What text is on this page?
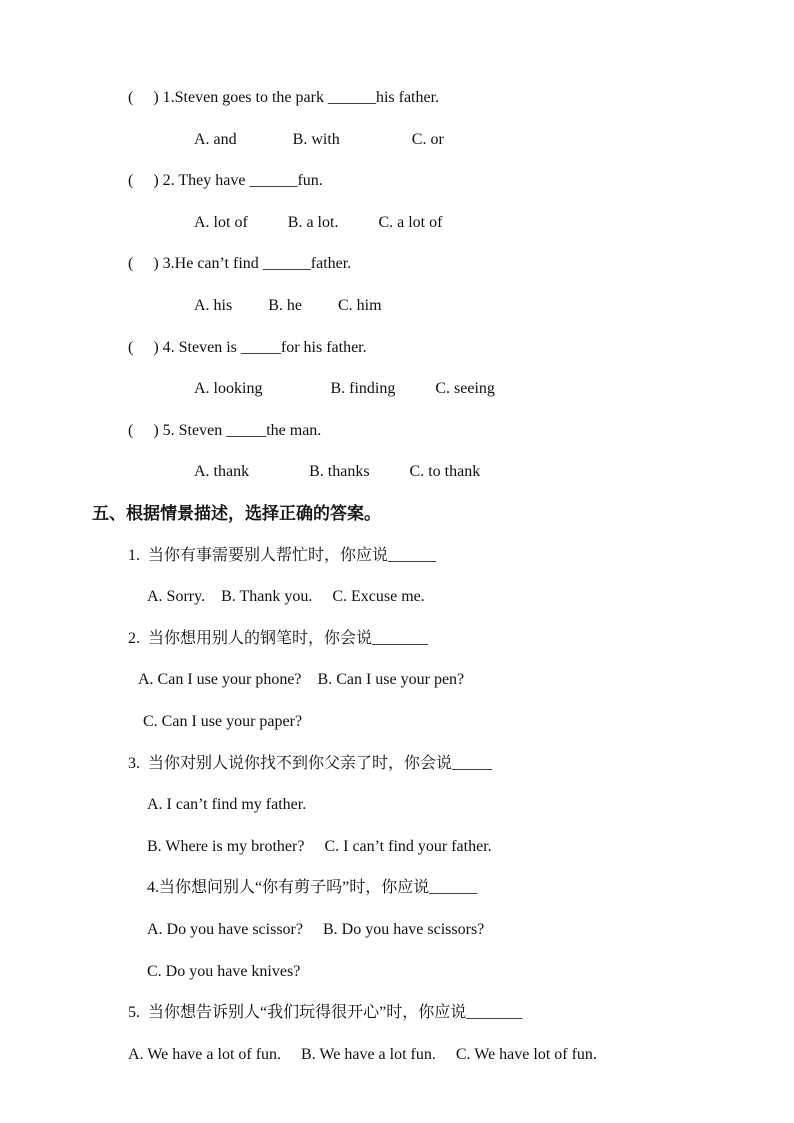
(     ) 1.Steven goes to the park ______his father.
A. and              B. with                  C. or
(     ) 2. They have ______fun.
A. lot of          B. a lot.          C. a lot of
(     ) 3.He can’t find ______father.
A. his         B. he         C. him
(     ) 4. Steven is _____for his father.
A. looking                 B. finding          C. seeing
(     ) 5. Steven _____the man.
A. thank               B. thanks          C. to thank
五、根据情景描述，选择正确的答案。
1.  当你有事需要别人帮忙时，你应说______
A. Sorry.    B. Thank you.     C. Excuse me.
2.  当你想用别人的钢笔时，你会说_______
A. Can I use your phone?    B. Can I use your pen?
C. Can I use your paper?
3.  当你对别人说你找不到你父亲了时，你会说_____
A. I can’t find my father.
B. Where is my brother?     C. I can’t find your father.
4.当你想问别人“你有剪子吗”时，你应说______
A. Do you have scissor?     B. Do you have scissors?
C. Do you have knives?
5.  当你想告诉别人“我们玩得很开心”时，你应说_______
A. We have a lot of fun.     B. We have a lot fun.     C. We have lot of fun.
